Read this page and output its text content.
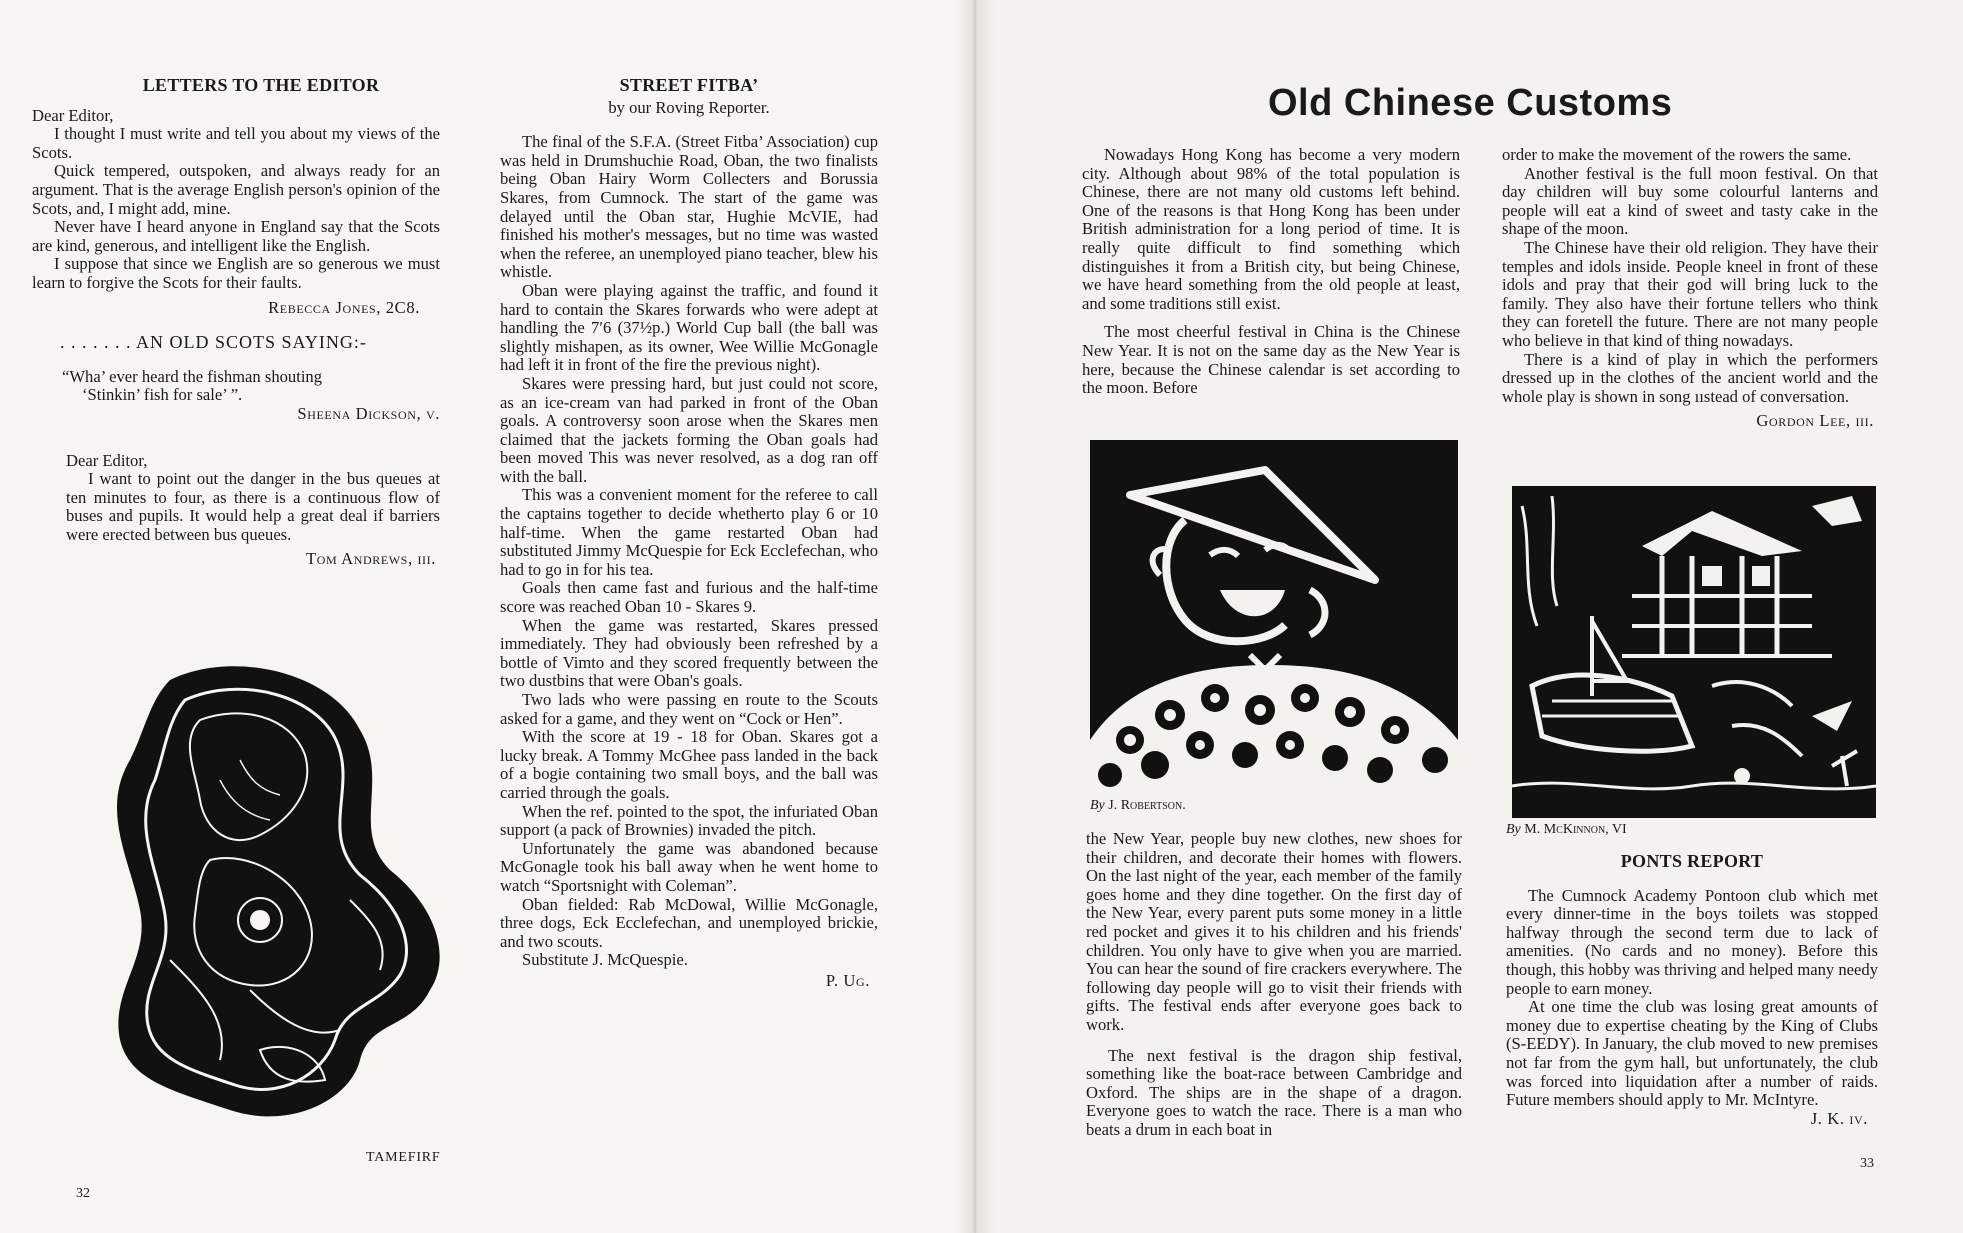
LETTERS TO THE EDITOR

Dear Editor,

I thought I must write and tell you about my views of the Scots.

Quick tempered, outspoken, and always ready for an argument. That is the average English person's opinion of the Scots, and, I might add, mine.

Never have I heard anyone in England say that the Scots are kind, generous, and intelligent like the English.

I suppose that since we English are so generous we must learn to forgive the Scots for their faults.

Rebecca Jones, 2C8.
. . . . . . . AN OLD SCOTS SAYING:-
“Wha’ ever heard the fishman shouting
‘Stinkin’ fish for sale’ ”.
Sheena Dickson, v.

Dear Editor,

I want to point out the danger in the bus queues at ten minutes to four, as there is a continuous flow of buses and pupils. It would help a great deal if barriers were erected between bus queues.

Tom Andrews, iii.
TAMEFIRF
STREET FITBA’
by our Roving Reporter.

The final of the S.F.A. (Street Fitba’ Association) cup was held in Drumshuchie Road, Oban, the two finalists being Oban Hairy Worm Collecters and Borussia Skares, from Cumnock. The start of the game was delayed until the Oban star, Hughie McVIE, had finished his mother's messages, but no time was wasted when the referee, an unemployed piano teacher, blew his whistle.

Oban were playing against the traffic, and found it hard to contain the Skares forwards who were adept at handling the 7′6 (37½p.) World Cup ball (the ball was slightly mishapen, as its owner, Wee Willie McGonagle had left it in front of the fire the previous night).

Skares were pressing hard, but just could not score, as an ice-cream van had parked in front of the Oban goals. A controversy soon arose when the Skares men claimed that the jackets forming the Oban goals had been moved This was never resolved, as a dog ran off with the ball.

This was a convenient moment for the referee to call the captains together to decide whetherto play 6 or 10 half-time. When the game restarted Oban had substituted Jimmy McQuespie for Eck Ecclefechan, who had to go in for his tea.

Goals then came fast and furious and the half-time score was reached Oban 10 - Skares 9.

When the game was restarted, Skares pressed immediately. They had obviously been refreshed by a bottle of Vimto and they scored frequently between the two dustbins that were Oban's goals.

Two lads who were passing en route to the Scouts asked for a game, and they went on “Cock or Hen”.

With the score at 19 - 18 for Oban. Skares got a lucky break. A Tommy McGhee pass landed in the back of a bogie containing two small boys, and the ball was carried through the goals.

When the ref. pointed to the spot, the infuriated Oban support (a pack of Brownies) invaded the pitch.

Unfortunately the game was abandoned because McGonagle took his ball away when he went home to watch “Sportsnight with Coleman”.

Oban fielded: Rab McDowal, Willie McGonagle, three dogs, Eck Ecclefechan, and unemployed brickie, and two scouts.

Substitute J. McQuespie.

P. Ug.
32
Old Chinese Customs

Nowadays Hong Kong has become a very modern city. Although about 98% of the total population is Chinese, there are not many old customs left behind. One of the reasons is that Hong Kong has been under British administration for a long period of time. It is really quite difficult to find something which distinguishes it from a British city, but being Chinese, we have heard something from the old people at least, and some traditions still exist.

The most cheerful festival in China is the Chinese New Year. It is not on the same day as the New Year is here, because the Chinese calendar is set according to the moon. Before

By J. Robertson.

the New Year, people buy new clothes, new shoes for their children, and decorate their homes with flowers. On the last night of the year, each member of the family goes home and they dine together. On the first day of the New Year, every parent puts some money in a little red pocket and gives it to his children and his friends' children. You only have to give when you are married. You can hear the sound of fire crackers everywhere. The following day people will go to visit their friends with gifts. The festival ends after everyone goes back to work.

The next festival is the dragon ship festival, something like the boat-race between Cambridge and Oxford. The ships are in the shape of a dragon. Everyone goes to watch the race. There is a man who beats a drum in each boat in

order to make the movement of the rowers the same.

Another festival is the full moon festival. On that day children will buy some colourful lanterns and people will eat a kind of sweet and tasty cake in the shape of the moon.

The Chinese have their old religion. They have their temples and idols inside. People kneel in front of these idols and pray that their god will bring luck to the family. They also have their fortune tellers who think they can foretell the future. There are not many people who believe in that kind of thing nowadays.

There is a kind of play in which the performers dressed up in the clothes of the ancient world and the whole play is shown in song ııstead of conversation.

Gordon Lee, iii.
By M. McKinnon, VI
PONTS REPORT

The Cumnock Academy Pontoon club which met every dinner-time in the boys toilets was stopped halfway through the second term due to lack of amenities. (No cards and no money). Before this though, this hobby was thriving and helped many needy people to earn money.

At one time the club was losing great amounts of money due to expertise cheating by the King of Clubs (S-EEDY). In January, the club moved to new premises not far from the gym hall, but unfortunately, the club was forced into liquidation after a number of raids. Future members should apply to Mr. McIntyre.

J. K. iv.
33
